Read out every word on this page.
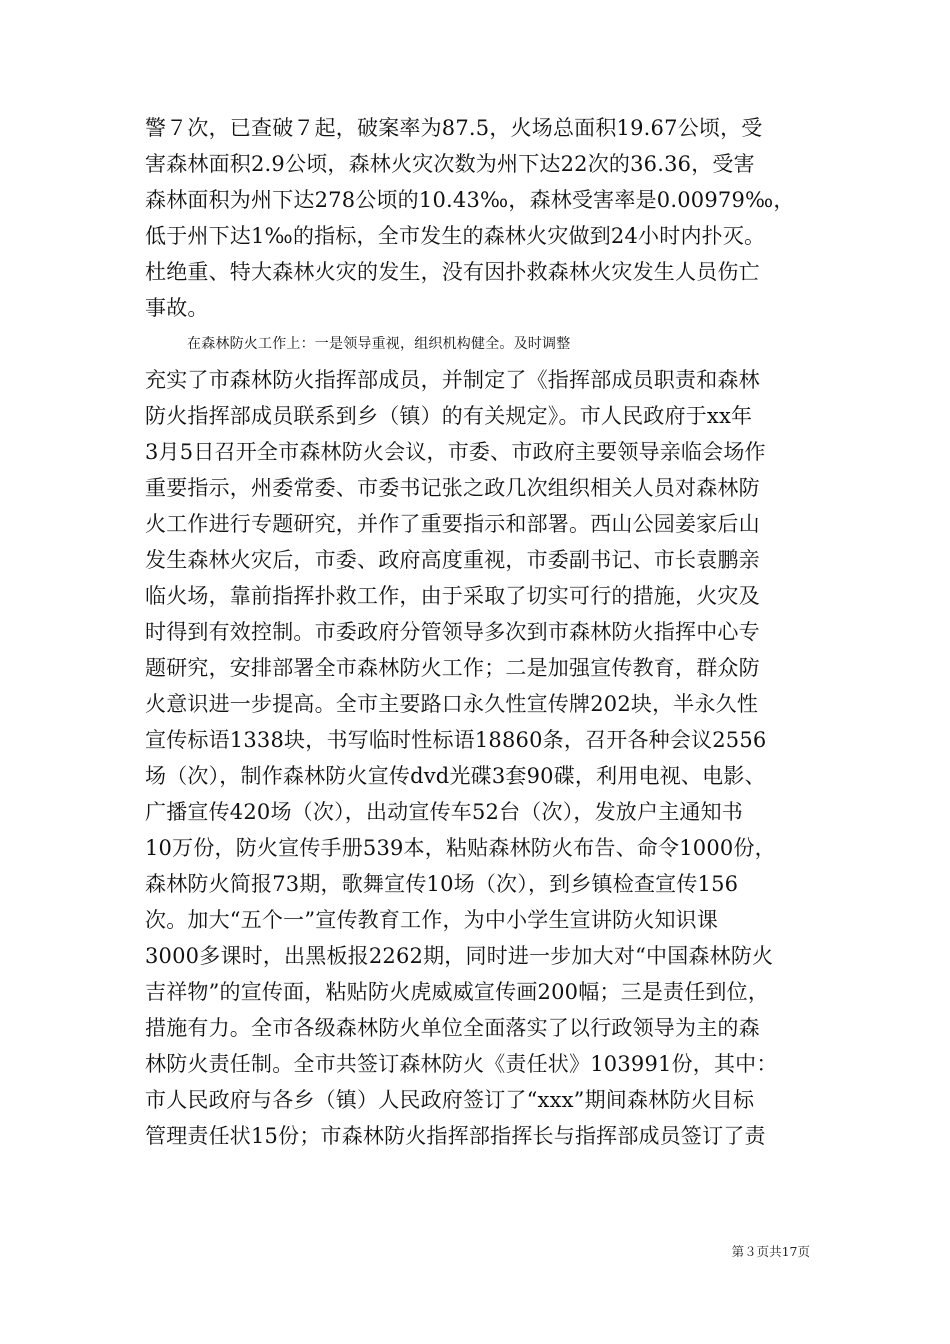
警７次，已查破７起，破案率为87.5，火场总面积19.67公顷，受
害森林面积2.9公顷，森林火灾次数为州下达22次的36.36，受害
森林面积为州下达278公顷的10.43‰，森林受害率是0.00979‰，
低于州下达1‰的指标，全市发生的森林火灾做到24小时内扑灭。
杜绝重、特大森林火灾的发生，没有因扑救森林火灾发生人员伤亡
事故。
在森林防火工作上：一是领导重视，组织机构健全。及时调整
充实了市森林防火指挥部成员，并制定了《指挥部成员职责和森林
防火指挥部成员联系到乡（镇）的有关规定》。市人民政府于xx年
3月5日召开全市森林防火会议，市委、市政府主要领导亲临会场作
重要指示，州委常委、市委书记张之政几次组织相关人员对森林防
火工作进行专题研究，并作了重要指示和部署。西山公园姜家后山
发生森林火灾后，市委、政府高度重视，市委副书记、市长袁鹏亲
临火场，靠前指挥扑救工作，由于采取了切实可行的措施，火灾及
时得到有效控制。市委政府分管领导多次到市森林防火指挥中心专
题研究，安排部署全市森林防火工作；二是加强宣传教育，群众防
火意识进一步提高。全市主要路口永久性宣传牌202块，半永久性
宣传标语1338块，书写临时性标语18860条，召开各种会议2556
场（次），制作森林防火宣传dvd光碟3套90碟，利用电视、电影、
广播宣传420场（次），出动宣传车52台（次），发放户主通知书
10万份，防火宣传手册539本，粘贴森林防火布告、命令1000份，
森林防火简报73期，歌舞宣传10场（次），到乡镇检查宣传156
次。加大“五个一”宣传教育工作，为中小学生宣讲防火知识课
3000多课时，出黑板报2262期，同时进一步加大对“中国森林防火
吉祥物”的宣传面，粘贴防火虎威威宣传画200幅；三是责任到位，
措施有力。全市各级森林防火单位全面落实了以行政领导为主的森
林防火责任制。全市共签订森林防火《责任状》103991份，其中：
市人民政府与各乡（镇）人民政府签订了“xxx”期间森林防火目标
管理责任状15份；市森林防火指挥部指挥长与指挥部成员签订了责
第３页共17页
